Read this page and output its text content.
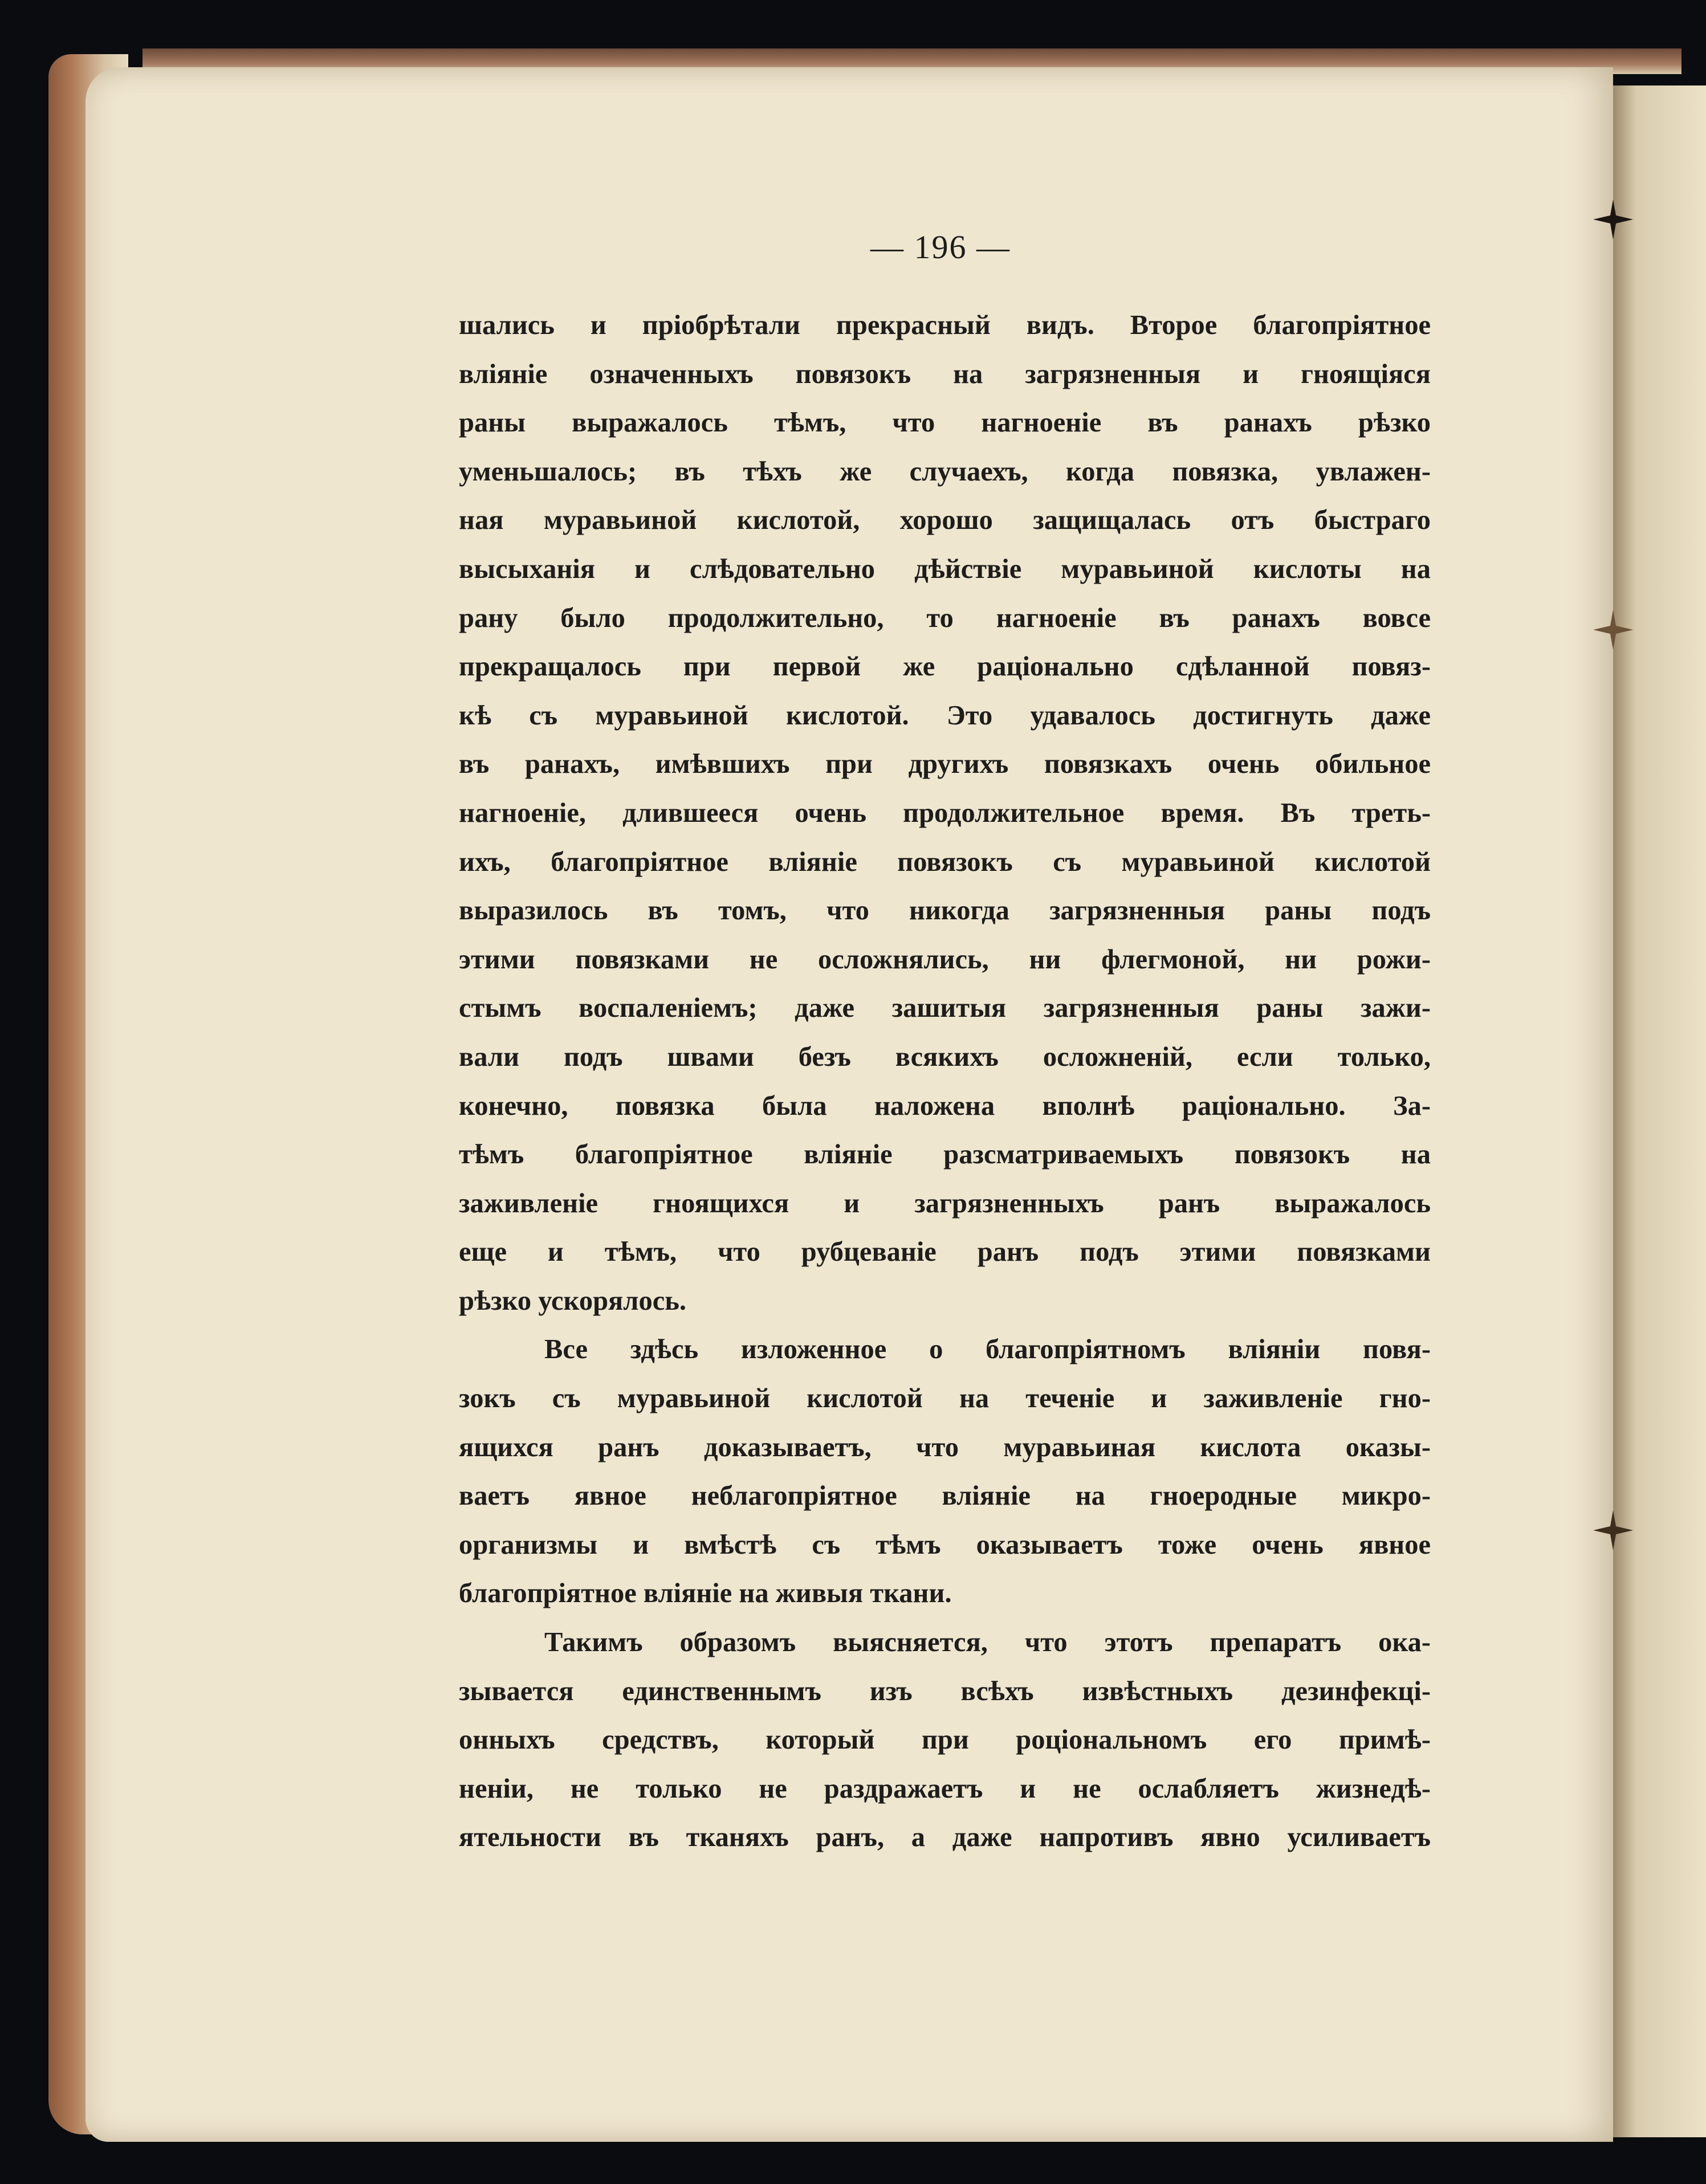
— 196 —
шались и пріобрѣтали прекрасный видъ. Второе благопріятное
вліяніе означенныхъ повязокъ на загрязненныя и гноящіяся
раны выражалось тѣмъ, что нагноеніе въ ранахъ рѣзко
уменьшалось; въ тѣхъ же случаехъ, когда повязка, увлажен-
ная муравьиной кислотой, хорошо защищалась отъ быстраго
высыханія и слѣдовательно дѣйствіе муравьиной кислоты на
рану было продолжительно, то нагноеніе въ ранахъ вовсе
прекращалось при первой же раціонально сдѣланной повяз-
кѣ съ муравьиной кислотой. Это удавалось достигнуть даже
въ ранахъ, имѣвшихъ при другихъ повязкахъ очень обильное
нагноеніе, длившееся очень продолжительное время. Въ треть-
ихъ, благопріятное вліяніе повязокъ съ муравьиной кислотой
выразилось въ томъ, что никогда загрязненныя раны подъ
этими повязками не осложнялись, ни флегмоной, ни рожи-
стымъ воспаленіемъ; даже зашитыя загрязненныя раны зажи-
вали подъ швами безъ всякихъ осложненій, если только,
конечно, повязка была наложена вполнѣ раціонально. За-
тѣмъ благопріятное вліяніе разсматриваемыхъ повязокъ на
заживленіе гноящихся и загрязненныхъ ранъ выражалось
еще и тѣмъ, что рубцеваніе ранъ подъ этими повязками
рѣзко ускорялось.
Все здѣсь изложенное о благопріятномъ вліяніи повя-
зокъ съ муравьиной кислотой на теченіе и заживленіе гно-
ящихся ранъ доказываетъ, что муравьиная кислота оказы-
ваетъ явное неблагопріятное вліяніе на гноеродные микро-
организмы и вмѣстѣ съ тѣмъ оказываетъ тоже очень явное
благопріятное вліяніе на живыя ткани.
Такимъ образомъ выясняется, что этотъ препаратъ ока-
зывается единственнымъ изъ всѣхъ извѣстныхъ дезинфекці-
онныхъ средствъ, который при роціональномъ его примѣ-
неніи, не только не раздражаетъ и не ослабляетъ жизнедѣ-
ятельности въ тканяхъ ранъ, а даже напротивъ явно усиливаетъ
